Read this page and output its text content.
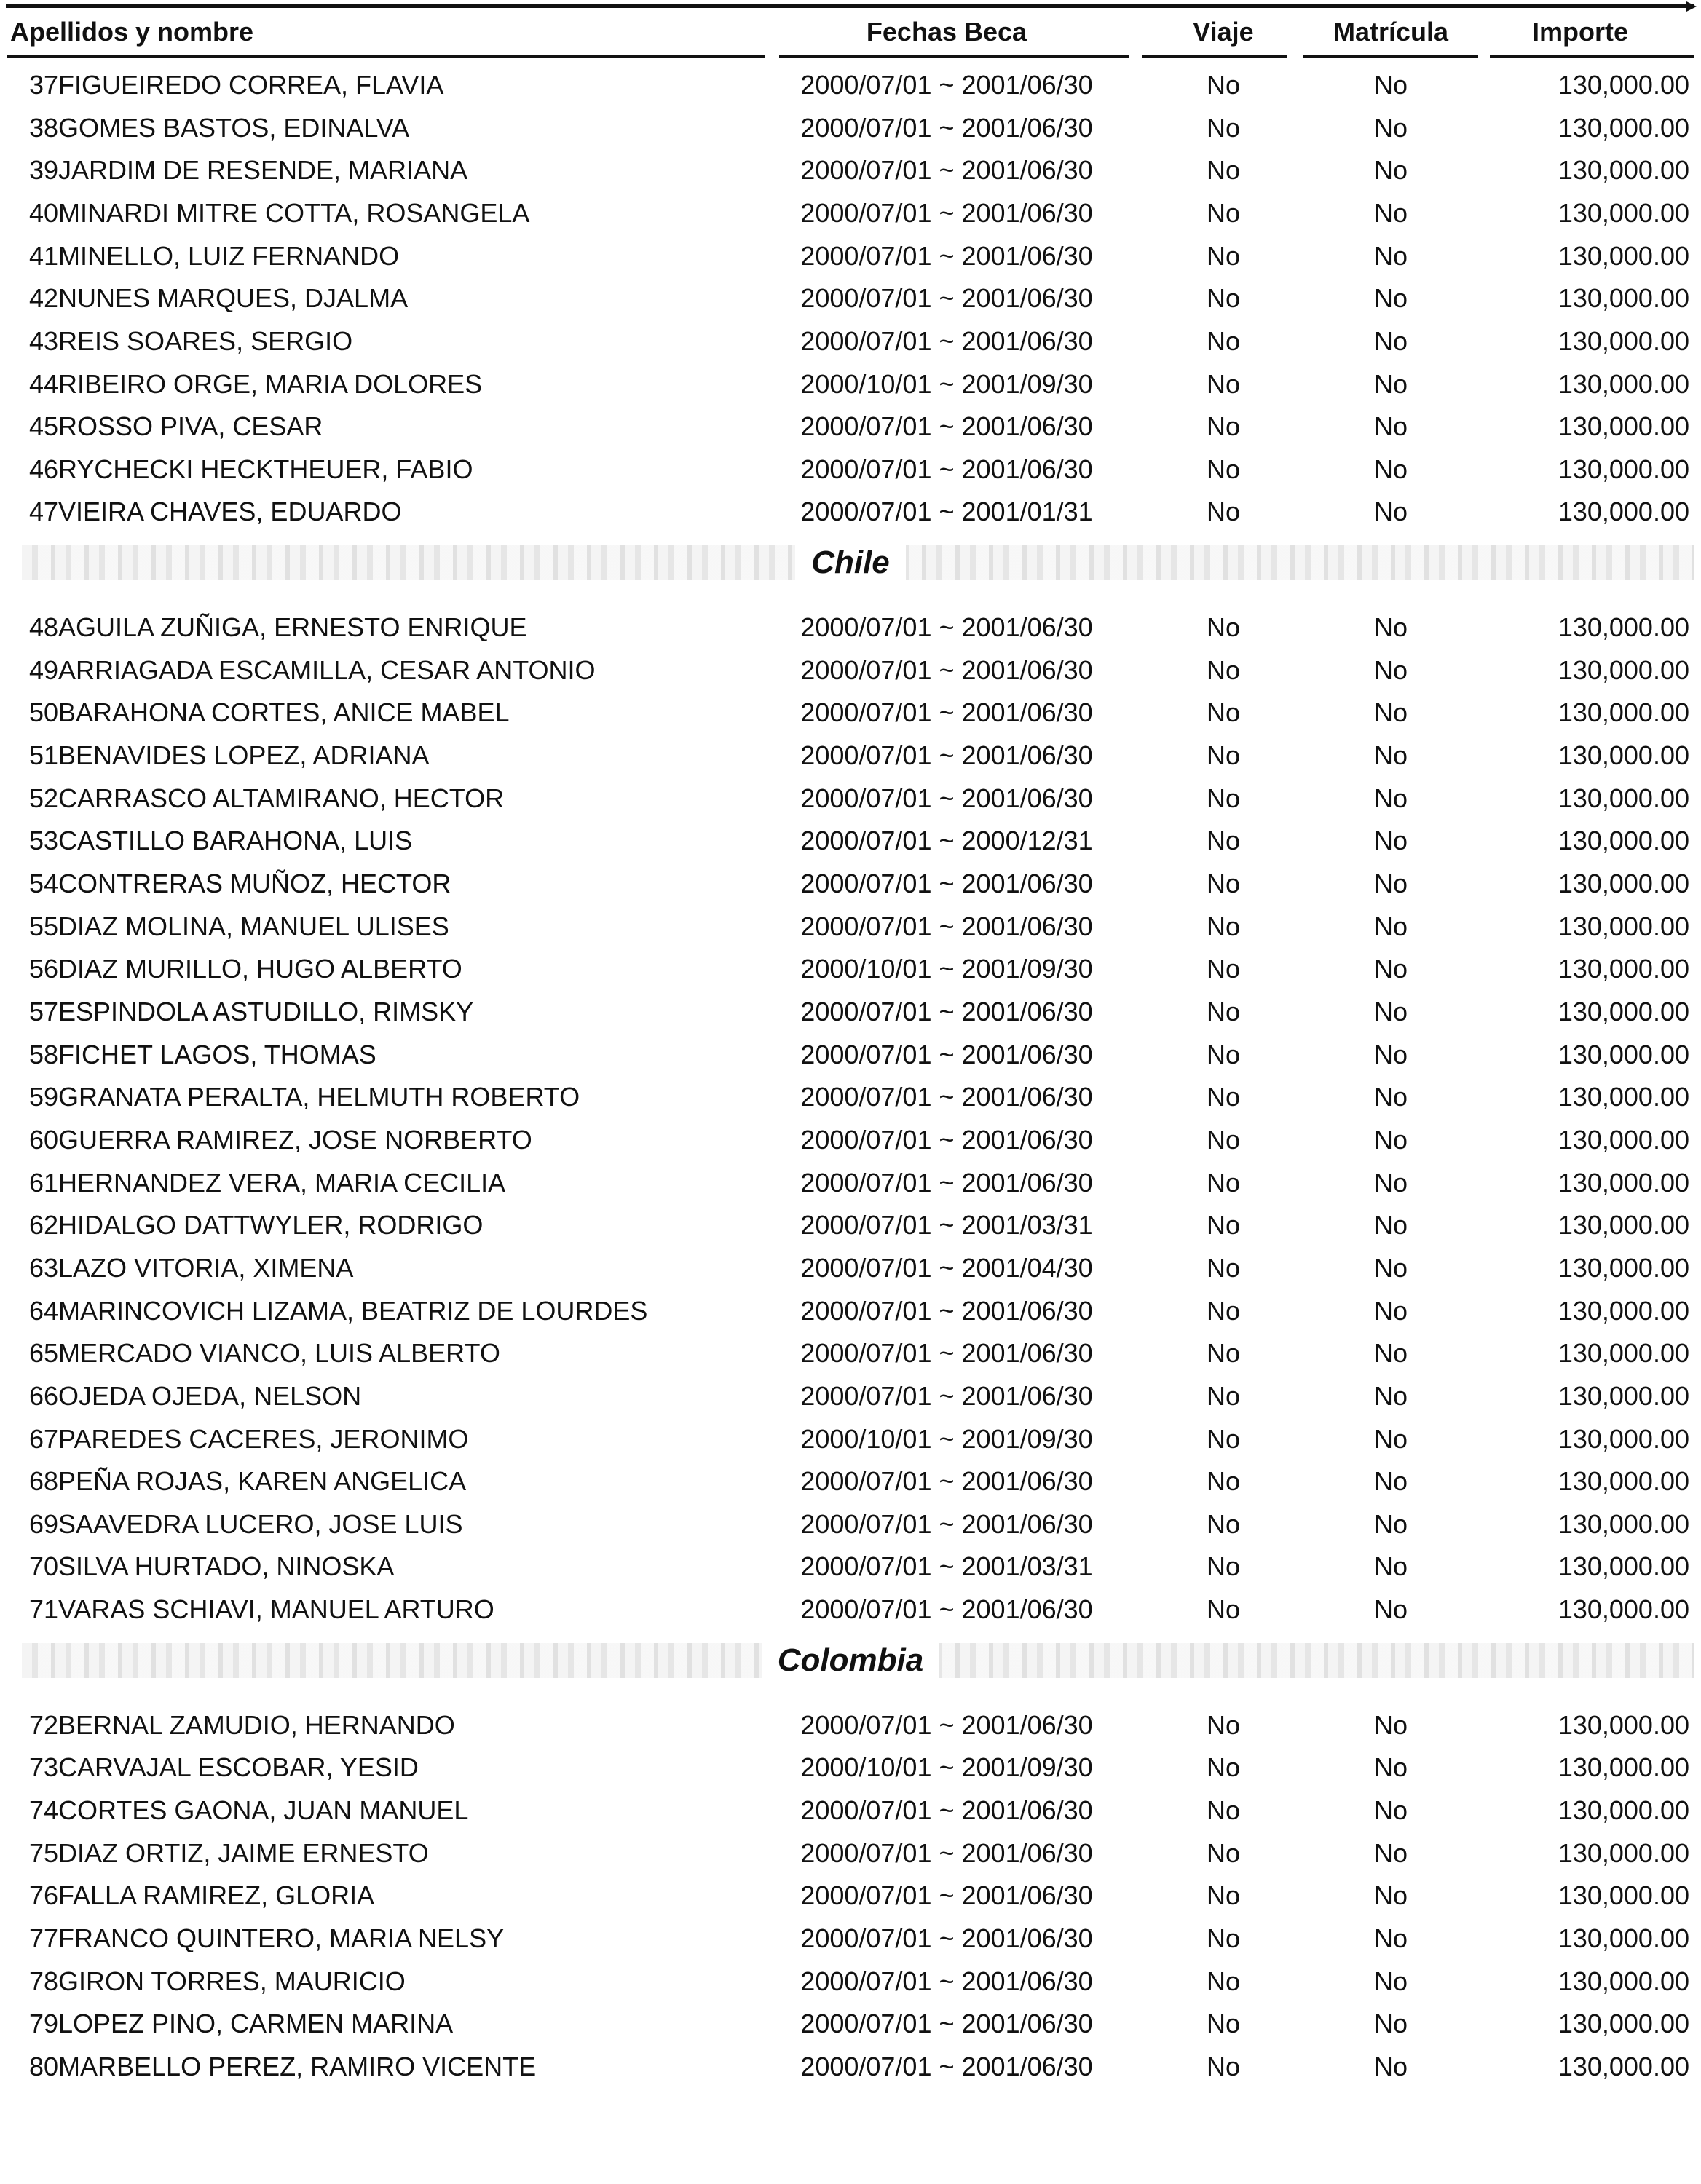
Apellidos y nombre	Fechas Beca	Viaje	Matrícula	Importe
37 FIGUEIREDO CORREA, FLAVIA	2000/07/01 ~ 2001/06/30	No	No	130,000.00
38 GOMES BASTOS, EDINALVA	2000/07/01 ~ 2001/06/30	No	No	130,000.00
39 JARDIM DE RESENDE, MARIANA	2000/07/01 ~ 2001/06/30	No	No	130,000.00
40 MINARDI MITRE COTTA, ROSANGELA	2000/07/01 ~ 2001/06/30	No	No	130,000.00
41 MINELLO, LUIZ FERNANDO	2000/07/01 ~ 2001/06/30	No	No	130,000.00
42 NUNES MARQUES, DJALMA	2000/07/01 ~ 2001/06/30	No	No	130,000.00
43 REIS SOARES, SERGIO	2000/07/01 ~ 2001/06/30	No	No	130,000.00
44 RIBEIRO ORGE, MARIA DOLORES	2000/10/01 ~ 2001/09/30	No	No	130,000.00
45 ROSSO PIVA, CESAR	2000/07/01 ~ 2001/06/30	No	No	130,000.00
46 RYCHECKI HECKTHEUER, FABIO	2000/07/01 ~ 2001/06/30	No	No	130,000.00
47 VIEIRA CHAVES, EDUARDO	2000/07/01 ~ 2001/01/31	No	No	130,000.00
Chile
48 AGUILA ZUÑIGA, ERNESTO ENRIQUE	2000/07/01 ~ 2001/06/30	No	No	130,000.00
49 ARRIAGADA ESCAMILLA, CESAR ANTONIO	2000/07/01 ~ 2001/06/30	No	No	130,000.00
50 BARAHONA CORTES, ANICE MABEL	2000/07/01 ~ 2001/06/30	No	No	130,000.00
51 BENAVIDES LOPEZ, ADRIANA	2000/07/01 ~ 2001/06/30	No	No	130,000.00
52 CARRASCO ALTAMIRANO, HECTOR	2000/07/01 ~ 2001/06/30	No	No	130,000.00
53 CASTILLO BARAHONA, LUIS	2000/07/01 ~ 2000/12/31	No	No	130,000.00
54 CONTRERAS MUÑOZ, HECTOR	2000/07/01 ~ 2001/06/30	No	No	130,000.00
55 DIAZ MOLINA, MANUEL ULISES	2000/07/01 ~ 2001/06/30	No	No	130,000.00
56 DIAZ MURILLO, HUGO ALBERTO	2000/10/01 ~ 2001/09/30	No	No	130,000.00
57 ESPINDOLA ASTUDILLO, RIMSKY	2000/07/01 ~ 2001/06/30	No	No	130,000.00
58 FICHET LAGOS, THOMAS	2000/07/01 ~ 2001/06/30	No	No	130,000.00
59 GRANATA PERALTA, HELMUTH ROBERTO	2000/07/01 ~ 2001/06/30	No	No	130,000.00
60 GUERRA RAMIREZ, JOSE NORBERTO	2000/07/01 ~ 2001/06/30	No	No	130,000.00
61 HERNANDEZ VERA, MARIA CECILIA	2000/07/01 ~ 2001/06/30	No	No	130,000.00
62 HIDALGO DATTWYLER, RODRIGO	2000/07/01 ~ 2001/03/31	No	No	130,000.00
63 LAZO VITORIA, XIMENA	2000/07/01 ~ 2001/04/30	No	No	130,000.00
64 MARINCOVICH LIZAMA, BEATRIZ DE LOURDES	2000/07/01 ~ 2001/06/30	No	No	130,000.00
65 MERCADO VIANCO, LUIS ALBERTO	2000/07/01 ~ 2001/06/30	No	No	130,000.00
66 OJEDA OJEDA, NELSON	2000/07/01 ~ 2001/06/30	No	No	130,000.00
67 PAREDES CACERES, JERONIMO	2000/10/01 ~ 2001/09/30	No	No	130,000.00
68 PEÑA ROJAS, KAREN ANGELICA	2000/07/01 ~ 2001/06/30	No	No	130,000.00
69 SAAVEDRA LUCERO, JOSE LUIS	2000/07/01 ~ 2001/06/30	No	No	130,000.00
70 SILVA HURTADO, NINOSKA	2000/07/01 ~ 2001/03/31	No	No	130,000.00
71 VARAS SCHIAVI, MANUEL ARTURO	2000/07/01 ~ 2001/06/30	No	No	130,000.00
Colombia
72 BERNAL ZAMUDIO, HERNANDO	2000/07/01 ~ 2001/06/30	No	No	130,000.00
73 CARVAJAL ESCOBAR, YESID	2000/10/01 ~ 2001/09/30	No	No	130,000.00
74 CORTES GAONA, JUAN MANUEL	2000/07/01 ~ 2001/06/30	No	No	130,000.00
75 DIAZ ORTIZ, JAIME ERNESTO	2000/07/01 ~ 2001/06/30	No	No	130,000.00
76 FALLA RAMIREZ, GLORIA	2000/07/01 ~ 2001/06/30	No	No	130,000.00
77 FRANCO QUINTERO, MARIA NELSY	2000/07/01 ~ 2001/06/30	No	No	130,000.00
78 GIRON TORRES, MAURICIO	2000/07/01 ~ 2001/06/30	No	No	130,000.00
79 LOPEZ PINO, CARMEN MARINA	2000/07/01 ~ 2001/06/30	No	No	130,000.00
80 MARBELLO PEREZ, RAMIRO VICENTE	2000/07/01 ~ 2001/06/30	No	No	130,000.00
